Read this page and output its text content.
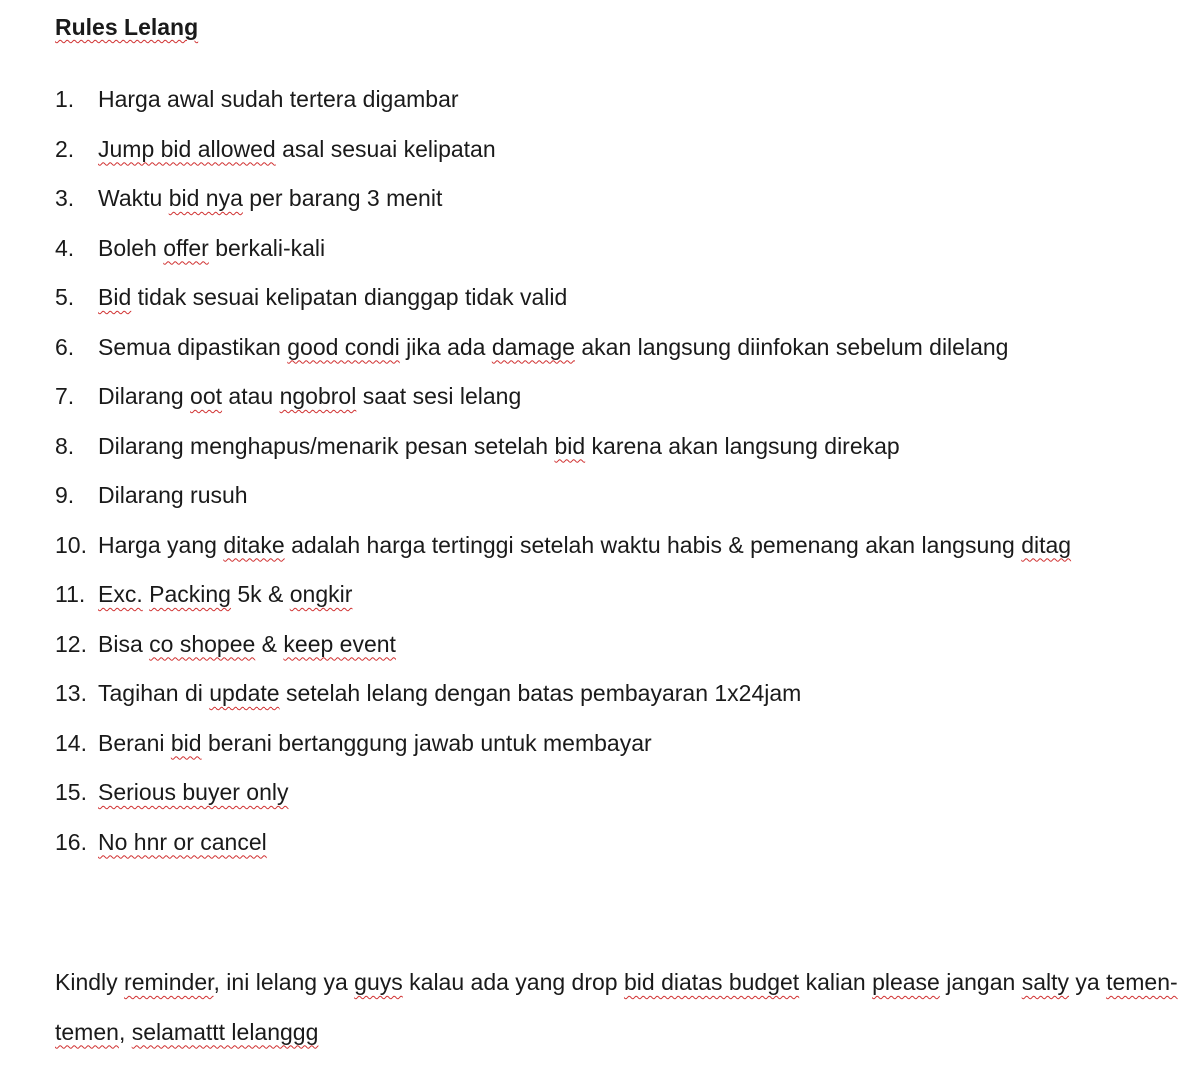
Rules Lelang
1. Harga awal sudah tertera digambar
2. Jump bid allowed asal sesuai kelipatan
3. Waktu bid nya per barang 3 menit
4. Boleh offer berkali-kali
5. Bid tidak sesuai kelipatan dianggap tidak valid
6. Semua dipastikan good condi jika ada damage akan langsung diinfokan sebelum dilelang
7. Dilarang oot atau ngobrol saat sesi lelang
8. Dilarang menghapus/menarik pesan setelah bid karena akan langsung direkap
9. Dilarang rusuh
10. Harga yang ditake adalah harga tertinggi setelah waktu habis & pemenang akan langsung ditag
11. Exc. Packing 5k & ongkir
12. Bisa co shopee & keep event
13. Tagihan di update setelah lelang dengan batas pembayaran 1x24jam
14. Berani bid berani bertanggung jawab untuk membayar
15. Serious buyer only
16. No hnr or cancel
Kindly reminder, ini lelang ya guys kalau ada yang drop bid diatas budget kalian please jangan salty ya temen-temen, selamattt lelanggg
